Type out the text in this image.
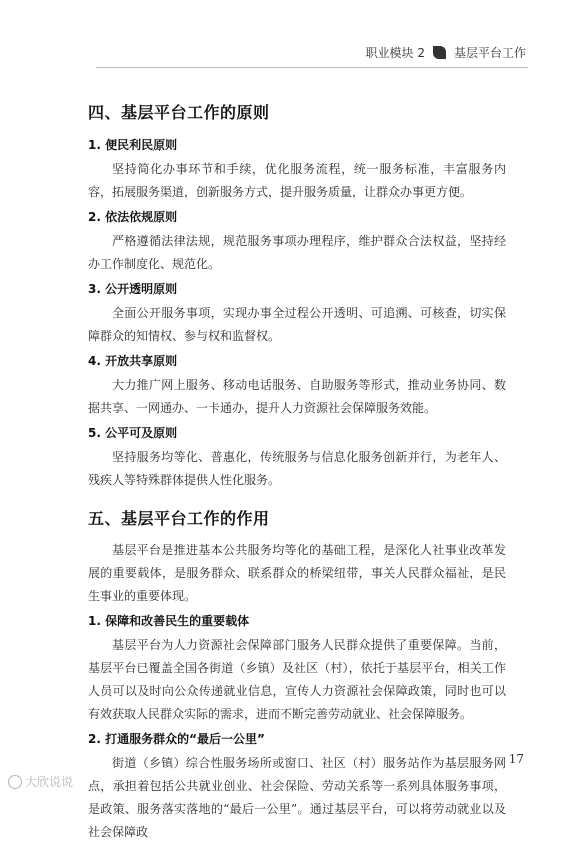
职业模块 2 基层平台工作
四、基层平台工作的原则
1. 便民利民原则

坚持简化办事环节和手续，优化服务流程，统一服务标准，丰富服务内容，拓展服务渠道，创新服务方式，提升服务质量，让群众办事更方便。

2. 依法依规原则

严格遵循法律法规，规范服务事项办理程序，维护群众合法权益，坚持经办工作制度化、规范化。

3. 公开透明原则

全面公开服务事项，实现办事全过程公开透明、可追溯、可核查，切实保障群众的知情权、参与权和监督权。

4. 开放共享原则

大力推广网上服务、移动电话服务、自助服务等形式，推动业务协同、数据共享、一网通办、一卡通办，提升人力资源社会保障服务效能。

5. 公平可及原则

坚持服务均等化、普惠化，传统服务与信息化服务创新并行，为老年人、残疾人等特殊群体提供人性化服务。

五、基层平台工作的作用

基层平台是推进基本公共服务均等化的基础工程，是深化人社事业改革发展的重要载体，是服务群众、联系群众的桥梁纽带，事关人民群众福祉，是民生事业的重要体现。

1. 保障和改善民生的重要载体

基层平台为人力资源社会保障部门服务人民群众提供了重要保障。当前，基层平台已覆盖全国各街道（乡镇）及社区（村），依托于基层平台，相关工作人员可以及时向公众传递就业信息，宣传人力资源社会保障政策，同时也可以有效获取人民群众实际的需求，进而不断完善劳动就业、社会保障服务。

2. 打通服务群众的“最后一公里”

街道（乡镇）综合性服务场所或窗口、社区（村）服务站作为基层服务网点，承担着包括公共就业创业、社会保险、劳动关系等一系列具体服务事项，是政策、服务落实落地的“最后一公里”。通过基层平台，可以将劳动就业以及社会保障政

17
大欣说说
